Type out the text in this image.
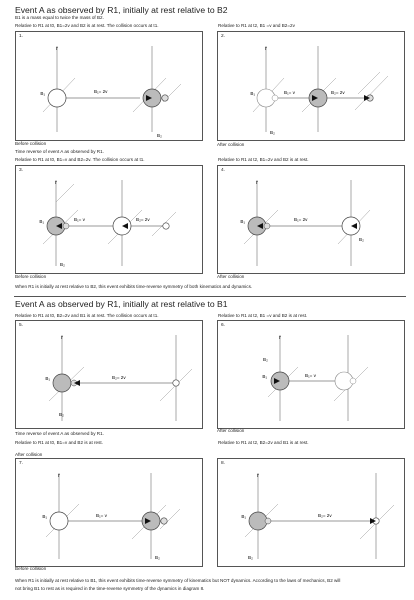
Event A as observed by R1, initially at rest relative to B2
B1 is a mass equal to twice the mass of B2.
Relative to R1 at t0, B1=2v and B2 is at rest. The collision occurs at t1.	Relative to R1 at t2, B1 =v and B2=2v
1.
t′
B₁
B₂
B₁= 2v
2.
t′
B₁
B₂
B₁= v	B₂= 2v
Before collision
Time reverse of event A as observed by R1.
After collision
Relative to R1 at t0, B1=v and B2=2v. The collision occurs at t1.	Relative to R1 at t2, B1=2v and B2 is at rest.
3.
t′
B₁
B₂
B₁= v	B₂= 2v
4.
t′
B₁
B₂
B₁= 2v
Before collision	After collision
When R1 is initially at rest relative to B2, this event exhibits time-reverse symmetry of both kinematics and dynamics.
Event A as observed by R1, initially at rest relative to B1
Relative to R1 at t0, B2=2v and B1 is at rest. The collision occurs at t1.	Relative to R1 at t2, B1 =v and B2 is at rest.
5.
t′
B₁
B₂
B₂= 2v
6.
t′
B₁
B₂
B₁= v
Time reverse of event A as observed by R1.
After collision
Relative to R1 at t0, B1=v and B2 is at rest.	Relative to R1 at t2, B2=2v and B1 is at rest.
7.
t′
B₁
B₂
B₁= v
8.
t′
B₁
B₂
B₂= 2v
After collision
Before collision
When R1 is initially at rest relative to B1, this event exhibits time-reverse symmetry of kinematics but NOT dynamics. According to the laws of mechanics, B2 will
not bring B1 to rest as is required in the time-reverse symmetry of the dynamics in diagram 8.
